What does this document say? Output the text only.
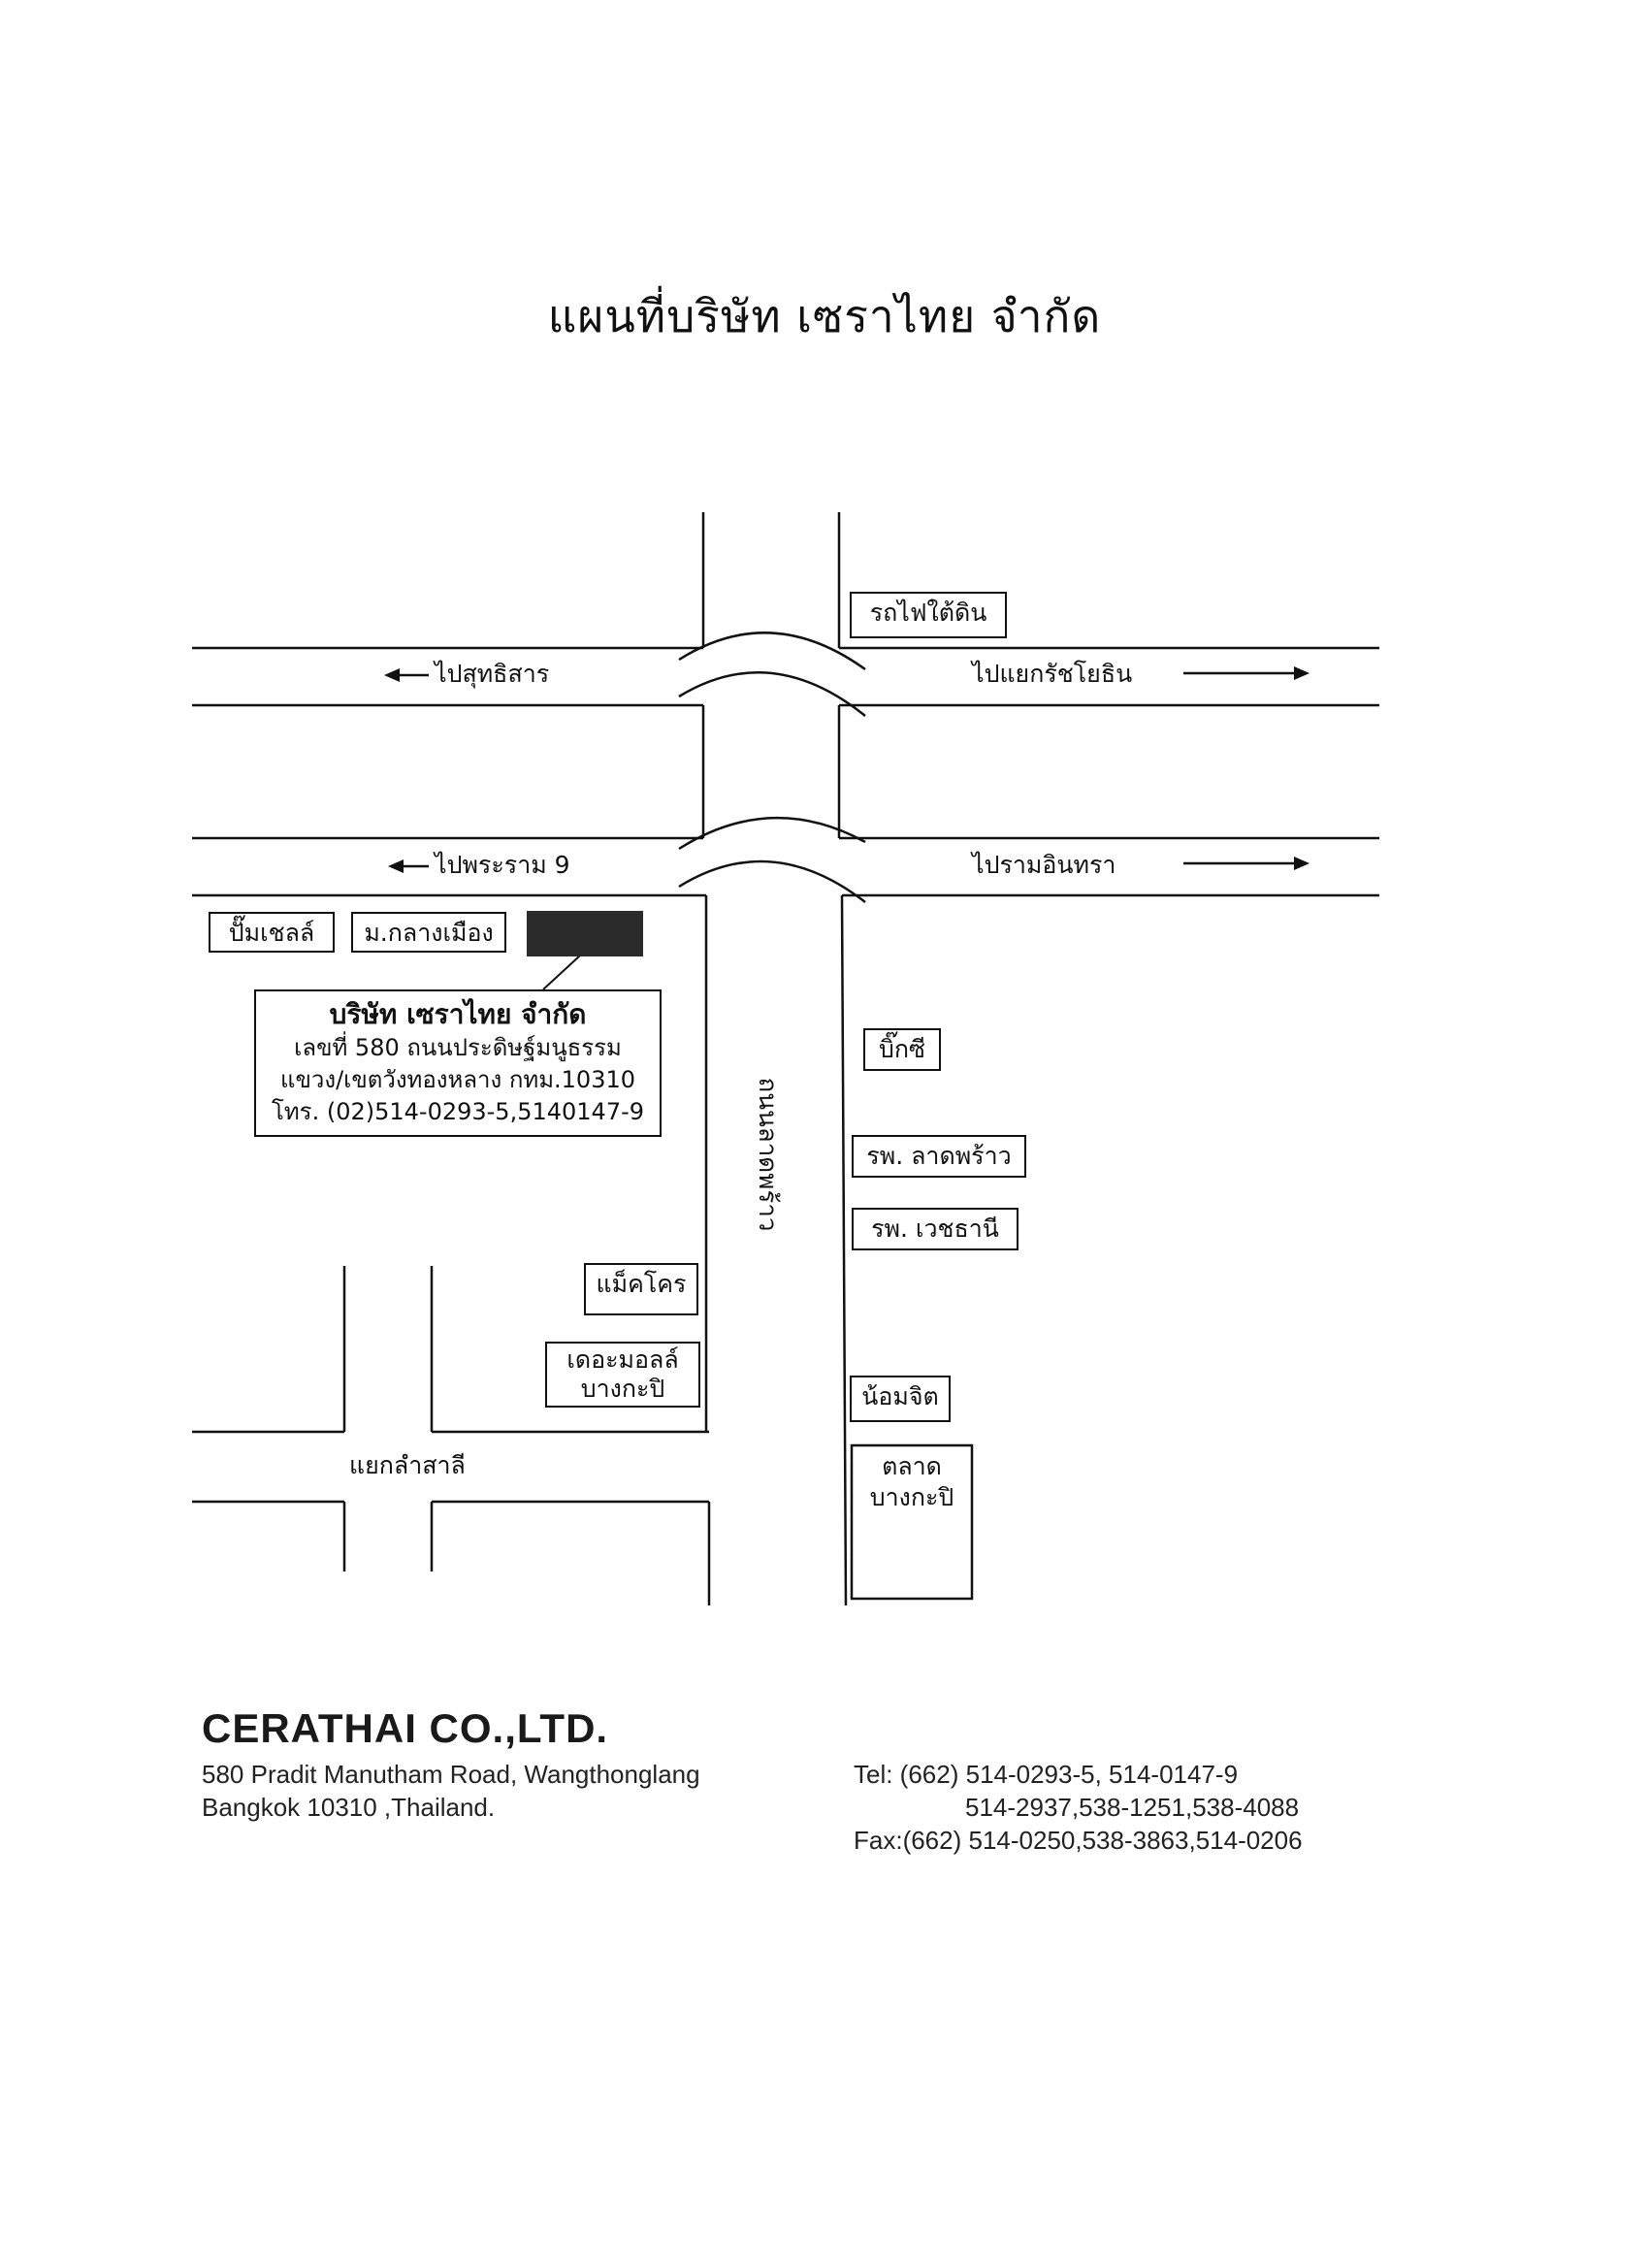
แผนที่บริษัท เซราไทย จำกัด
ไปสุทธิสาร	ไปแยกรัชโยธิน
ไปพระราม 9	ไปรามอินทรา
แยกลำสาลี
ถนนลาดพร้าว
รถไฟใต้ดิน
ปั๊มเชลล์	ม.กลางเมือง
บิ๊กซี
รพ. ลาดพร้าว
รพ. เวชธานี
แม็คโคร
เดอะมอลล์
บางกะปิ	น้อมจิต
ตลาด
บางกะปิ
บริษัท เซราไทย จำกัด
เลขที่ 580 ถนนประดิษฐ์มนูธรรม
แขวง/เขตวังทองหลาง กทม.10310
โทร. (02)514-0293-5,5140147-9
CERATHAI CO.,LTD.
580 Pradit Manutham Road, Wangthonglang
Bangkok 10310 ,Thailand.
Tel: (662) 514-0293-5, 514-0147-9
514-2937,538-1251,538-4088
Fax:(662) 514-0250,538-3863,514-0206
